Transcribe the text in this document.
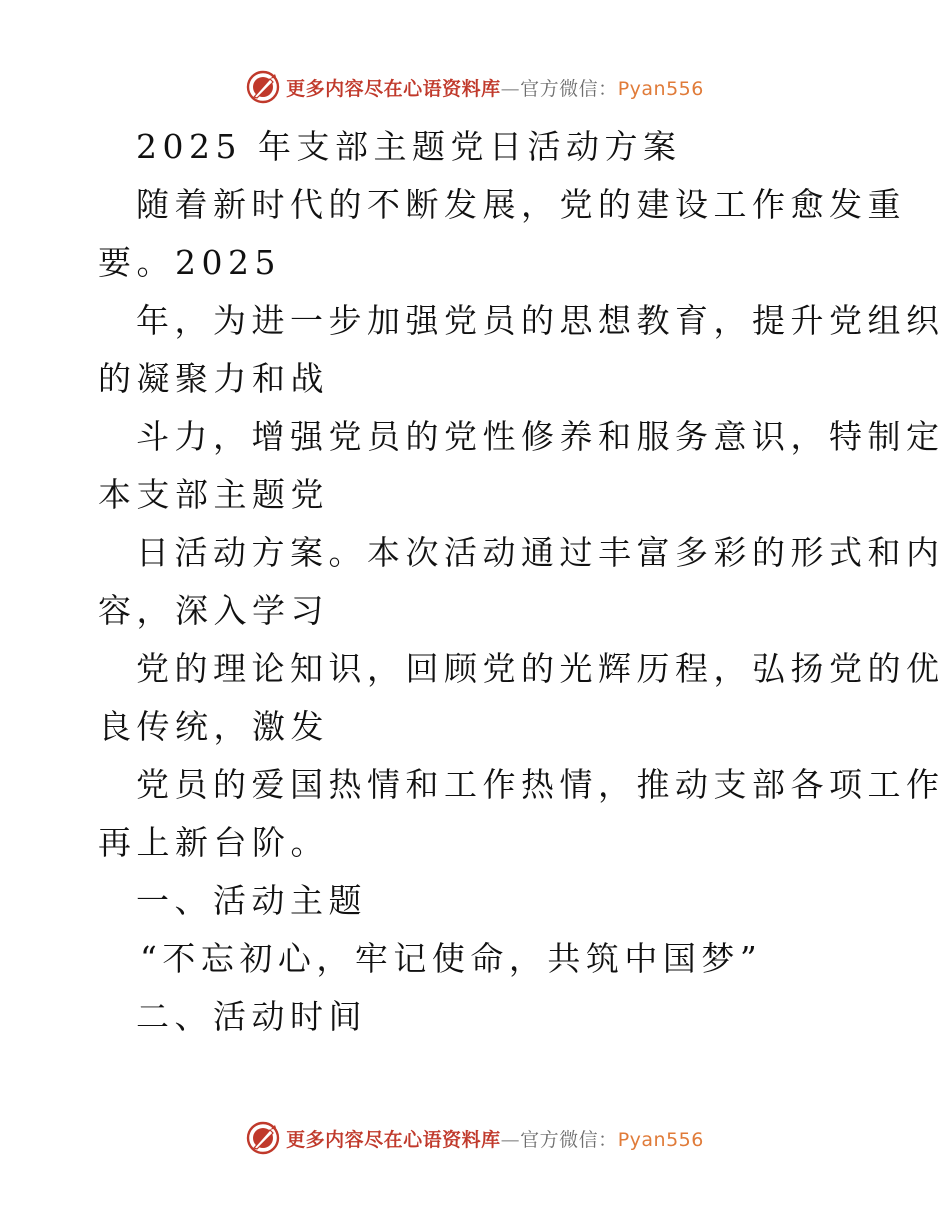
更多内容尽在心语资料库—官方微信：Pyan556
2025 年支部主题党日活动方案
随着新时代的不断发展，党的建设工作愈发重
要。2025
年，为进一步加强党员的思想教育，提升党组织
的凝聚力和战
斗力，增强党员的党性修养和服务意识，特制定
本支部主题党
日活动方案。本次活动通过丰富多彩的形式和内
容，深入学习
党的理论知识，回顾党的光辉历程，弘扬党的优
良传统，激发
党员的爱国热情和工作热情，推动支部各项工作
再上新台阶。
一、活动主题
“不忘初心，牢记使命，共筑中国梦”
二、活动时间
更多内容尽在心语资料库—官方微信：Pyan556
